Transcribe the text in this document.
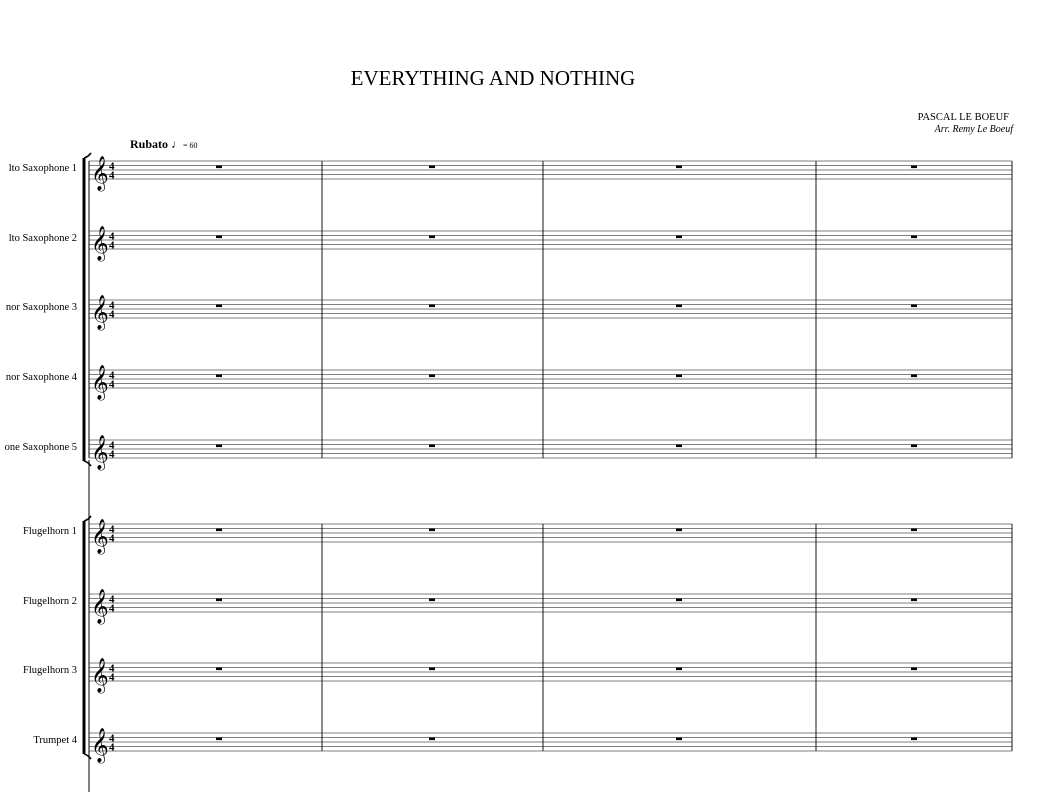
EVERYTHING AND NOTHING
PASCAL LE BOEUF
Arr. Remy Le Boeuf
Rubato ♩= 60
lto Saxophone 1
lto Saxophone 2
nor Saxophone 3
nor Saxophone 4
one Saxophone 5
Flugelhorn 1
Flugelhorn 2
Flugelhorn 3
Trumpet 4
𝄞 4
4
𝄞 4
4
𝄞 4
4
𝄞 4
4
𝄞 4
4
𝄞 4
4
𝄞 4
4
𝄞 4
4
𝄞 4
4
